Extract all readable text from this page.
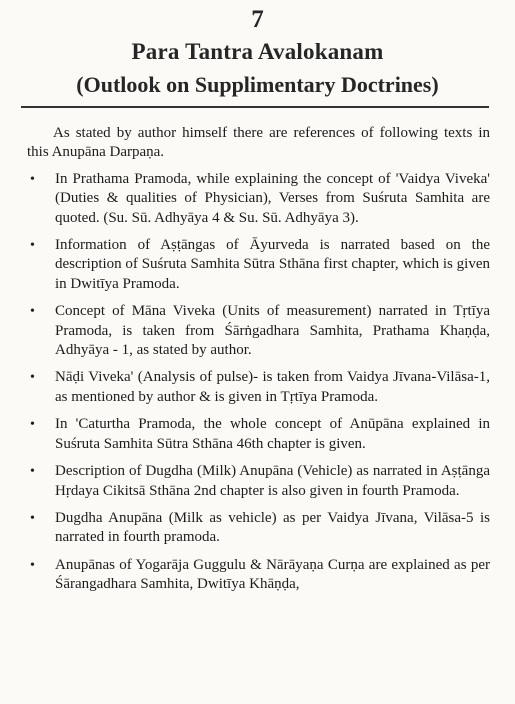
7
Para Tantra Avalokanam
(Outlook on Supplimentary Doctrines)

As stated by author himself there are references of following texts in this Anupāna Darpaṇa.

• In Prathama Pramoda, while explaining the concept of 'Vaidya Viveka' (Duties & qualities of Physician), Verses from Suśruta Samhita are quoted. (Su. Sū. Adhyāya 4 & Su. Sū. Adhyāya 3).
• Information of Aṣṭāngas of Āyurveda is narrated based on the description of Suśruta Samhita Sūtra Sthāna first chapter, which is given in Dwitīya Pramoda.
• Concept of Māna Viveka (Units of measurement) narrated in Tṛtīya Pramoda, is taken from Śārṅgadhara Samhita, Prathama Khaṇḍa, Adhyāya - 1, as stated by author.
• Nāḍi Viveka' (Analysis of pulse)- is taken from Vaidya Jīvana-Vilāsa-1, as mentioned by author & is given in Tṛtīya Pramoda.
• In 'Caturtha Pramoda, the whole concept of Anūpāna explained in Suśruta Samhita Sūtra Sthāna 46th chapter is given.
• Description of Dugdha (Milk) Anupāna (Vehicle) as narrated in Aṣṭānga Hṛdaya Cikitsā Sthāna 2nd chapter is also given in fourth Pramoda.
• Dugdha Anupāna (Milk as vehicle) as per Vaidya Jīvana, Vilāsa-5 is narrated in fourth pramoda.
• Anupānas of Yogarāja Guggulu & Nārāyaṇa Curṇa are explained as per Śārangadhara Samhita, Dwitīya Khāṇḍa,
